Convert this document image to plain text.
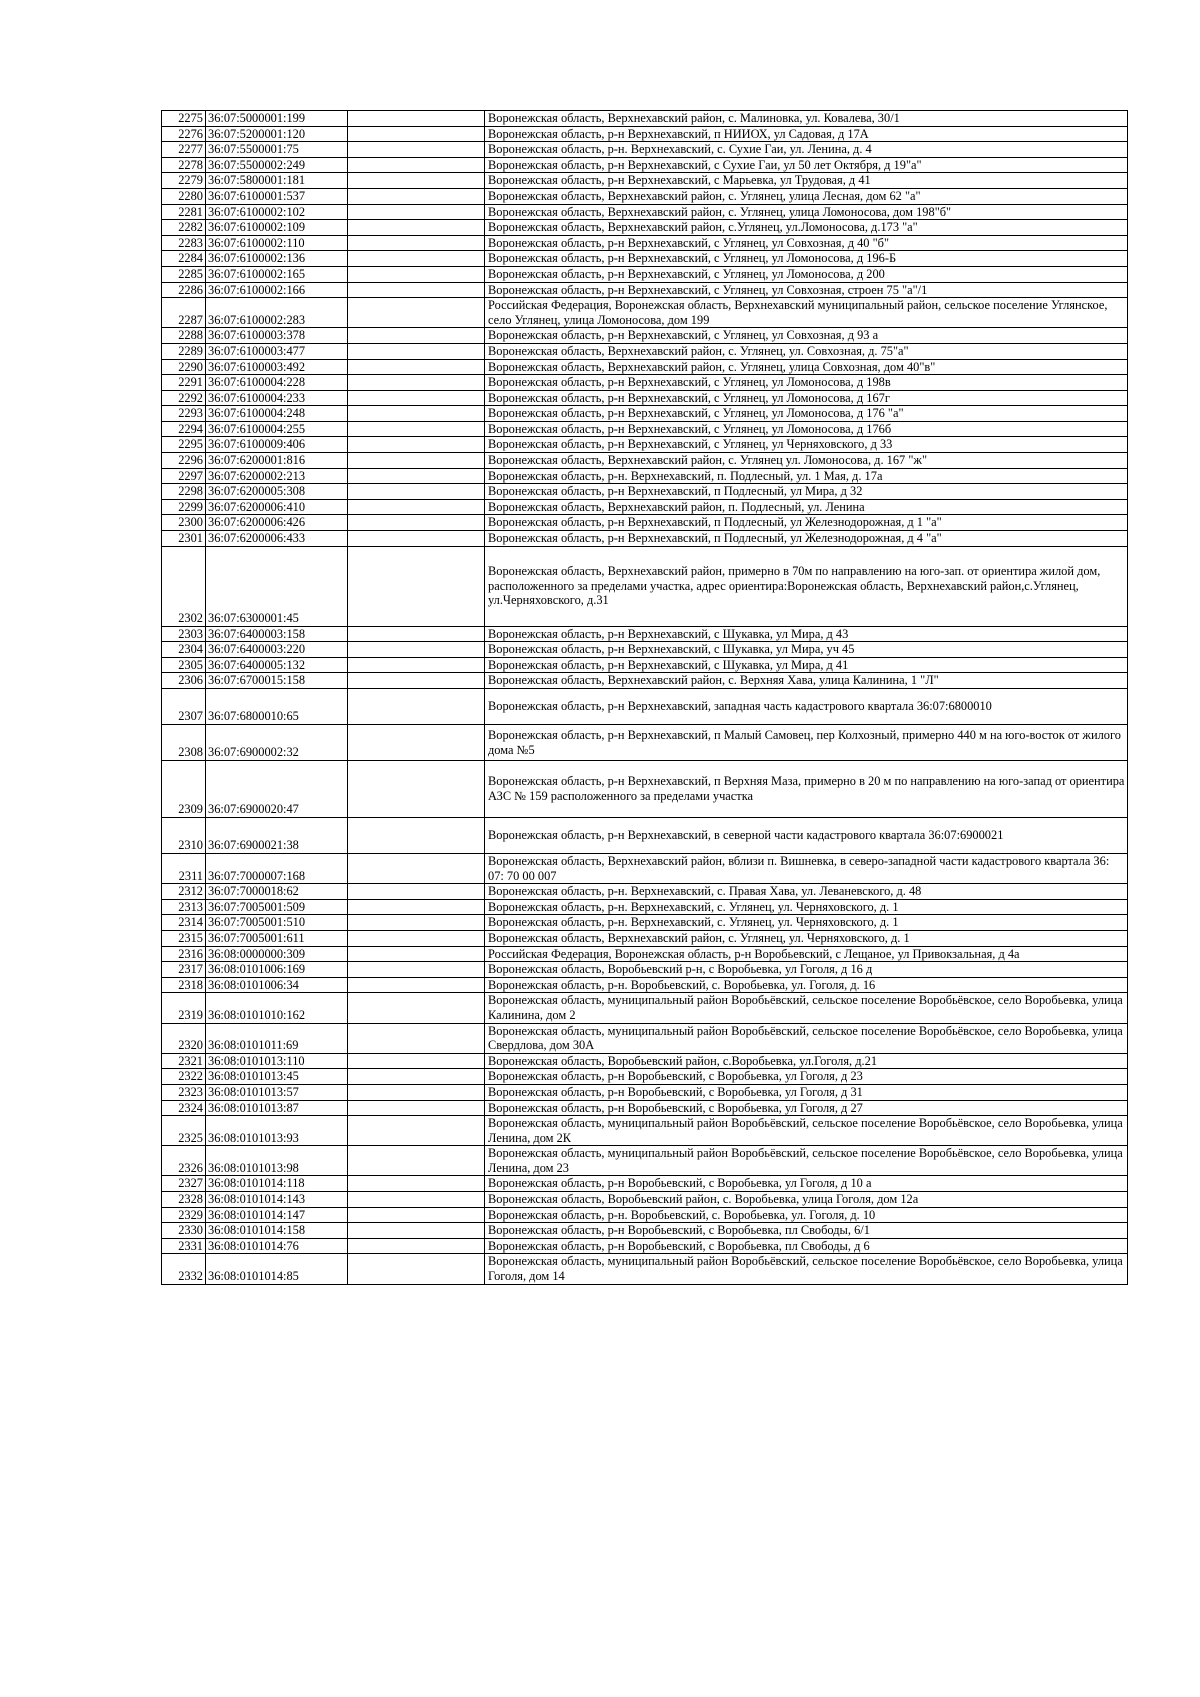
2275	36:07:5000001:199		Воронежская область, Верхнехавский район, с. Малиновка, ул. Ковалева, 30/1
2276	36:07:5200001:120		Воронежская область, р-н Верхнехавский, п НИИОХ, ул Садовая, д 17А
2277	36:07:5500001:75		Воронежская область, р-н. Верхнехавский, с. Сухие Гаи, ул. Ленина, д. 4
2278	36:07:5500002:249		Воронежская область, р-н Верхнехавский, с Сухие Гаи, ул 50 лет Октября, д 19"а"
2279	36:07:5800001:181		Воронежская область, р-н Верхнехавский, с Марьевка, ул Трудовая, д 41
2280	36:07:6100001:537		Воронежская область, Верхнехавский район, с. Углянец, улица Лесная, дом 62 "а"
2281	36:07:6100002:102		Воронежская область, Верхнехавский район, с. Углянец, улица Ломоносова, дом 198"б"
2282	36:07:6100002:109		Воронежская область, Верхнехавский район, с.Углянец, ул.Ломоносова, д.173 "а"
2283	36:07:6100002:110		Воронежская область, р-н Верхнехавский, с Углянец, ул Совхозная, д 40 "б"
2284	36:07:6100002:136		Воронежская область, р-н Верхнехавский, с Углянец, ул Ломоносова, д 196-Б
2285	36:07:6100002:165		Воронежская область, р-н Верхнехавский, с Углянец, ул Ломоносова, д 200
2286	36:07:6100002:166		Воронежская область, р-н Верхнехавский, с Углянец, ул Совхозная, строен 75 "а"/1
2287	36:07:6100002:283		Российская Федерация, Воронежская область, Верхнехавский муниципальный район, сельское поселение Углянское, село Углянец, улица Ломоносова, дом 199
2288	36:07:6100003:378		Воронежская область, р-н Верхнехавский, с Углянец, ул Совхозная, д 93 а
2289	36:07:6100003:477		Воронежская область, Верхнехавский район, с. Углянец, ул. Совхозная, д. 75"а"
2290	36:07:6100003:492		Воронежская область, Верхнехавский район, с. Углянец, улица Совхозная, дом 40"в"
2291	36:07:6100004:228		Воронежская область, р-н Верхнехавский, с Углянец, ул Ломоносова, д 198в
2292	36:07:6100004:233		Воронежская область, р-н Верхнехавский, с Углянец, ул Ломоносова, д 167г
2293	36:07:6100004:248		Воронежская область, р-н Верхнехавский, с Углянец, ул Ломоносова, д 176 "а"
2294	36:07:6100004:255		Воронежская область, р-н Верхнехавский, с Углянец, ул Ломоносова, д 176б
2295	36:07:6100009:406		Воронежская область, р-н Верхнехавский, с Углянец, ул Черняховского, д 33
2296	36:07:6200001:816		Воронежская область, Верхнехавский район, с. Углянец ул. Ломоносова, д. 167 "ж"
2297	36:07:6200002:213		Воронежская область, р-н. Верхнехавский, п. Подлесный, ул. 1 Мая, д. 17а
2298	36:07:6200005:308		Воронежская область, р-н Верхнехавский, п Подлесный, ул Мира, д 32
2299	36:07:6200006:410		Воронежская область, Верхнехавский район, п. Подлесный, ул. Ленина
2300	36:07:6200006:426		Воронежская область, р-н Верхнехавский, п Подлесный, ул Железнодорожная, д 1 "а"
2301	36:07:6200006:433		Воронежская область, р-н Верхнехавский, п Подлесный, ул Железнодорожная, д 4 "а"
2302	36:07:6300001:45		Воронежская область, Верхнехавский район, примерно в 70м по направлению на юго-зап. от ориентира жилой дом, расположенного за пределами участка, адрес ориентира:Воронежская область, Верхнехавский район,с.Углянец, ул.Черняховского, д.31
2303	36:07:6400003:158		Воронежская область, р-н Верхнехавский, с Шукавка, ул Мира, д 43
2304	36:07:6400003:220		Воронежская область, р-н Верхнехавский, с Шукавка, ул Мира, уч 45
2305	36:07:6400005:132		Воронежская область, р-н Верхнехавский, с Шукавка, ул Мира, д 41
2306	36:07:6700015:158		Воронежская область, Верхнехавский район, с. Верхняя Хава, улица Калинина, 1 "Л"
2307	36:07:6800010:65		Воронежская область, р-н Верхнехавский, западная часть кадастрового квартала 36:07:6800010
2308	36:07:6900002:32		Воронежская область, р-н Верхнехавский, п Малый Самовец, пер Колхозный, примерно 440 м на юго-восток от жилого дома №5
2309	36:07:6900020:47		Воронежская область, р-н Верхнехавский, п Верхняя Маза, примерно в 20 м по направлению на юго-запад от ориентира АЗС № 159 расположенного за пределами участка
2310	36:07:6900021:38		Воронежская область, р-н Верхнехавский, в северной части кадастрового квартала 36:07:6900021
2311	36:07:7000007:168		Воронежская область, Верхнехавский район, вблизи п. Вишневка, в северо-западной части кадастрового квартала 36: 07: 70 00 007
2312	36:07:7000018:62		Воронежская область, р-н. Верхнехавский, с. Правая Хава, ул. Леваневского, д. 48
2313	36:07:7005001:509		Воронежская область, р-н. Верхнехавский, с. Углянец, ул. Черняховского, д. 1
2314	36:07:7005001:510		Воронежская область, р-н. Верхнехавский, с. Углянец, ул. Черняховского, д. 1
2315	36:07:7005001:611		Воронежская область, Верхнехавский район, с. Углянец, ул. Черняховского, д. 1
2316	36:08:0000000:309		Российская Федерация, Воронежская область, р-н Воробьевский, с Лещаное, ул Привокзальная, д 4а
2317	36:08:0101006:169		Воронежская область, Воробьевский р-н, с Воробьевка, ул Гоголя, д 16 д
2318	36:08:0101006:34		Воронежская область, р-н. Воробьевский, с. Воробьевка, ул. Гоголя, д. 16
2319	36:08:0101010:162		Воронежская область, муниципальный район Воробьёвский, сельское поселение Воробьёвское, село Воробьевка, улица Калинина, дом 2
2320	36:08:0101011:69		Воронежская область, муниципальный район Воробьёвский, сельское поселение Воробьёвское, село Воробьевка, улица Свердлова, дом 30А
2321	36:08:0101013:110		Воронежская область, Воробьевский район, с.Воробьевка, ул.Гоголя, д.21
2322	36:08:0101013:45		Воронежская область, р-н Воробьевский, с Воробьевка, ул Гоголя, д 23
2323	36:08:0101013:57		Воронежская область, р-н Воробьевский, с Воробьевка, ул Гоголя, д 31
2324	36:08:0101013:87		Воронежская область, р-н Воробьевский, с Воробьевка, ул Гоголя, д 27
2325	36:08:0101013:93		Воронежская область, муниципальный район Воробьёвский, сельское поселение Воробьёвское, село Воробьевка, улица Ленина, дом 2К
2326	36:08:0101013:98		Воронежская область, муниципальный район Воробьёвский, сельское поселение Воробьёвское, село Воробьевка, улица Ленина, дом 23
2327	36:08:0101014:118		Воронежская область, р-н Воробьевский, с Воробьевка, ул Гоголя, д 10 а
2328	36:08:0101014:143		Воронежская область, Воробьевский район, с. Воробьевка, улица Гоголя, дом 12а
2329	36:08:0101014:147		Воронежская область, р-н. Воробьевский, с. Воробьевка, ул. Гоголя, д. 10
2330	36:08:0101014:158		Воронежская область, р-н Воробьевский, с Воробьевка, пл Свободы, 6/1
2331	36:08:0101014:76		Воронежская область, р-н Воробьевский, с Воробьевка, пл Свободы, д 6
2332	36:08:0101014:85		Воронежская область, муниципальный район Воробьёвский, сельское поселение Воробьёвское, село Воробьевка, улица Гоголя, дом 14
